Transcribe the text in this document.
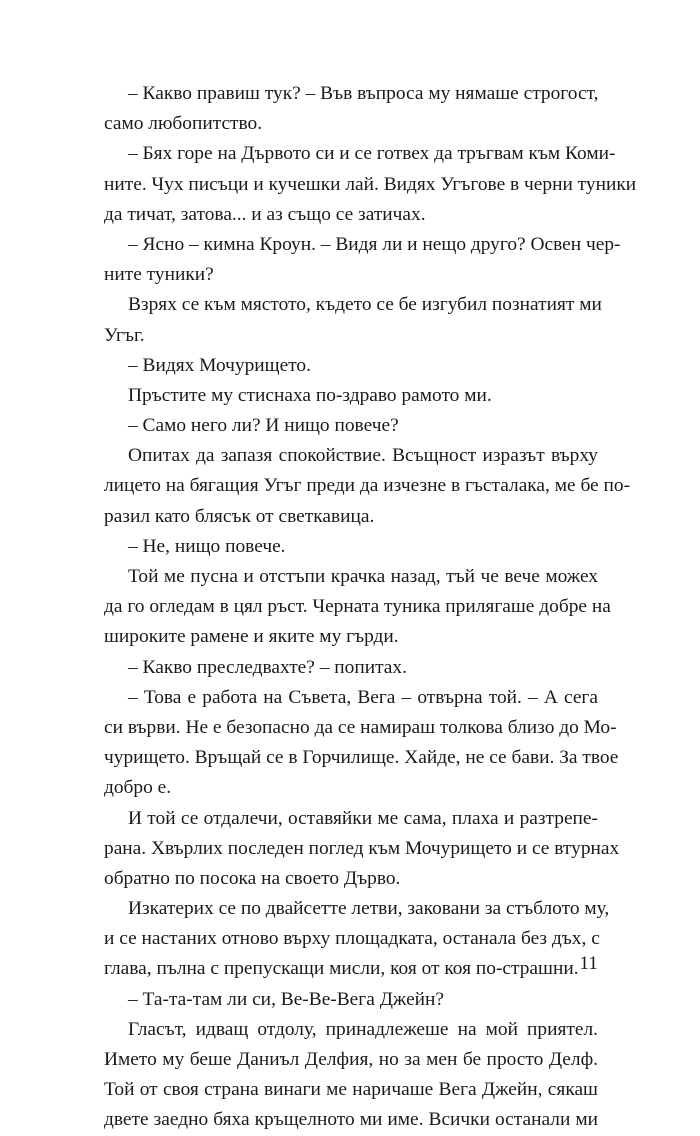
– Какво правиш тук? – Във въпроса му нямаше строгост,
само любопитство.
– Бях горе на Дървото си и се готвех да тръгвам към Коми-
ните. Чух писъци и кучешки лай. Видях Угъгове в черни туники
да тичат, затова... и аз също се затичах.
– Ясно – кимна Кроун. – Видя ли и нещо друго? Освен чер-
ните туники?
Взрях се към мястото, където се бе изгубил познатият ми
Угъг.
– Видях Мочурището.
Пръстите му стиснаха по-здраво рамото ми.
– Само него ли? И нищо повече?
Опитах да запазя спокойствие. Всъщност изразът върху
лицето на бягащия Угъг преди да изчезне в гъсталака, ме бе по-
разил като блясък от светкавица.
– Не, нищо повече.
Той ме пусна и отстъпи крачка назад, тъй че вече можех
да го огледам в цял ръст. Черната туника прилягаше добре на
широките рамене и яките му гърди.
– Какво преследвахте? – попитах.
– Това е работа на Съвета, Вега – отвърна той. – А сега
си върви. Не е безопасно да се намираш толкова близо до Мо-
чурището. Връщай се в Горчилище. Хайде, не се бави. За твое
добро е.
И той се отдалечи, оставяйки ме сама, плаха и разтрепе-
рана. Хвърлих последен поглед към Мочурището и се втурнах
обратно по посока на своето Дърво.
Изкатерих се по двайсетте летви, заковани за стъблото му,
и се настаних отново върху площадката, останала без дъх, с
глава, пълна с препускащи мисли, коя от коя по-страшни.
– Та-та-там ли си, Ве-Ве-Вега Джейн?
Гласът, идващ отдолу, принадлежеше на мой приятел.
Името му беше Даниъл Делфия, но за мен бе просто Делф.
Той от своя страна винаги ме наричаше Вега Джейн, сякаш
двете заедно бяха кръщелното ми име. Всички останали ми
11
